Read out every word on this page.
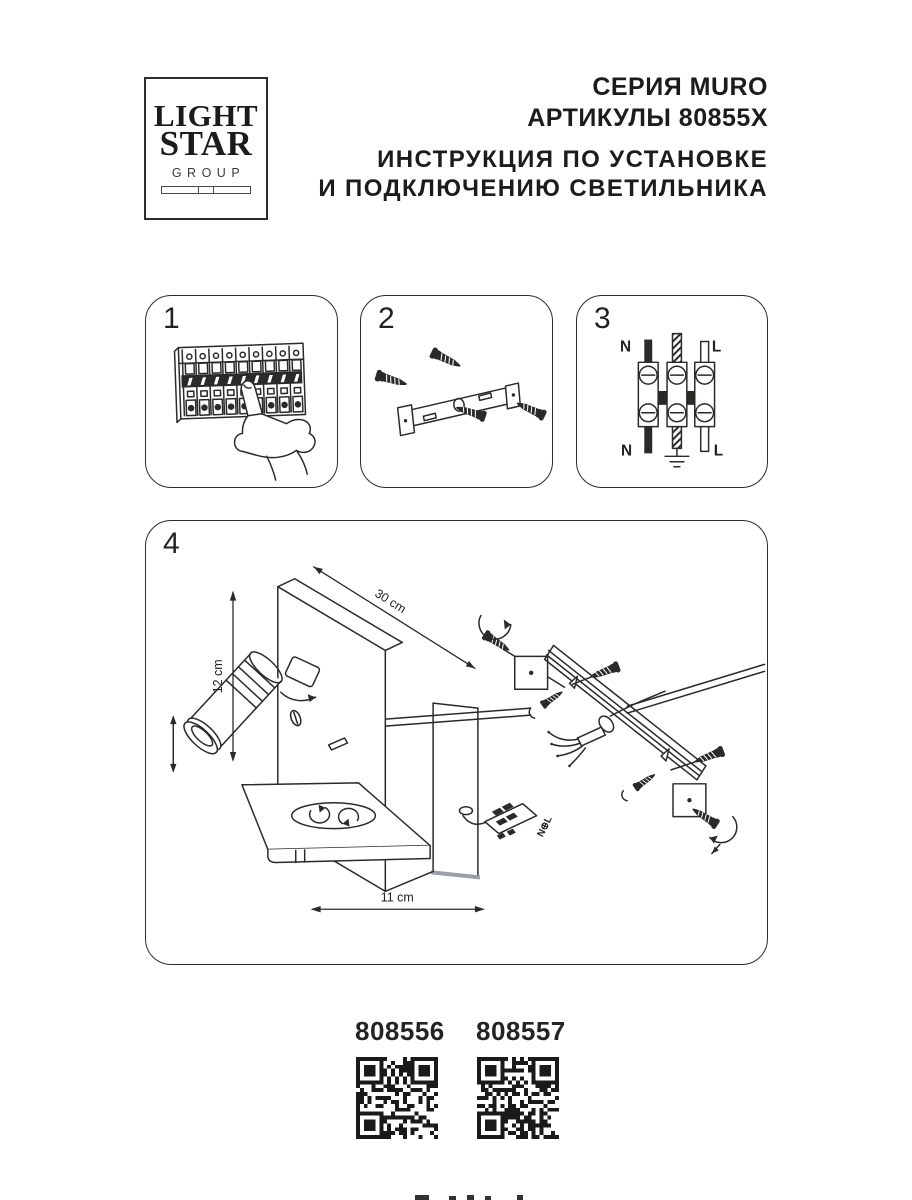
LIGHT
STAR
GROUP
СЕРИЯ MURO
АРТИКУЛЫ 80855X
ИНСТРУКЦИЯ ПО УСТАНОВКЕ
И ПОДКЛЮЧЕНИЮ СВЕТИЛЬНИКА
1	2	3
N	L
N	L
4
N⊕L
12 cm
30 cm
11 cm
808556 808557
